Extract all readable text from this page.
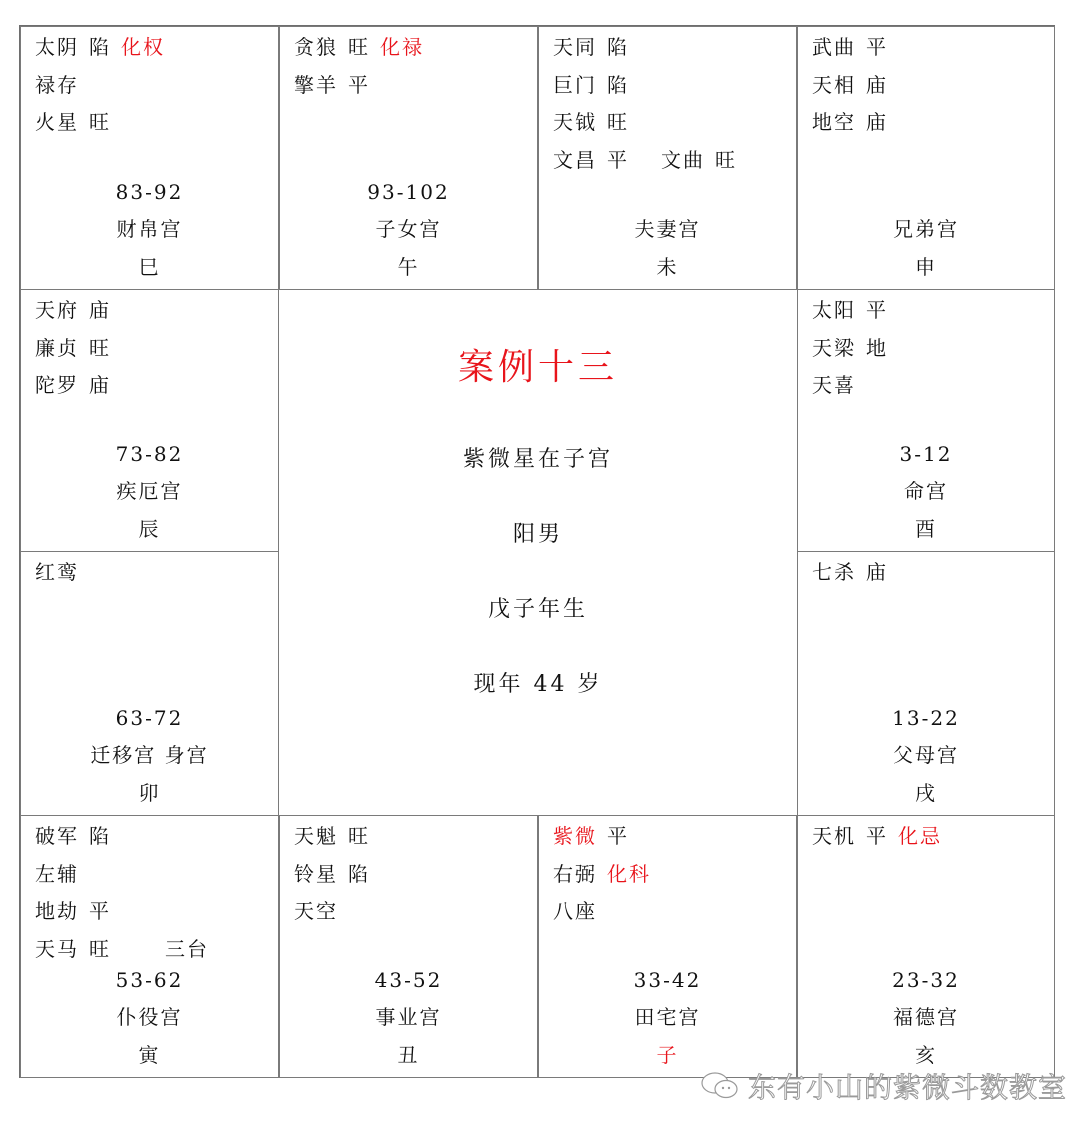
太阴 陷 化权
禄存
火星 旺
83-92
财帛宫
巳
贪狼 旺 化禄
擎羊 平
93-102
子女宫
午
天同 陷
巨门 陷
天钺 旺
文昌 平　文曲 旺
夫妻宫
未
武曲 平
天相 庙
地空 庙
兄弟宫
申
天府 庙
廉贞 旺
陀罗 庙
73-82
疾厄宫
辰
太阳 平
天梁 地
天喜
3-12
命宫
酉
红鸾
63-72
迁移宫 身宫
卯
七杀 庙
13-22
父母宫
戌
破军 陷
左辅
地劫 平
天马 旺　　三台
53-62
仆役宫
寅
天魁 旺
铃星 陷
天空
43-52
事业宫
丑
紫微 平
右弼 化科
八座
33-42
田宅宫
子
天机 平 化忌
23-32
福德宫
亥
案例十三
紫微星在子宫
阳男
戊子年生
现年 44 岁
东有小山的紫微斗数教室
